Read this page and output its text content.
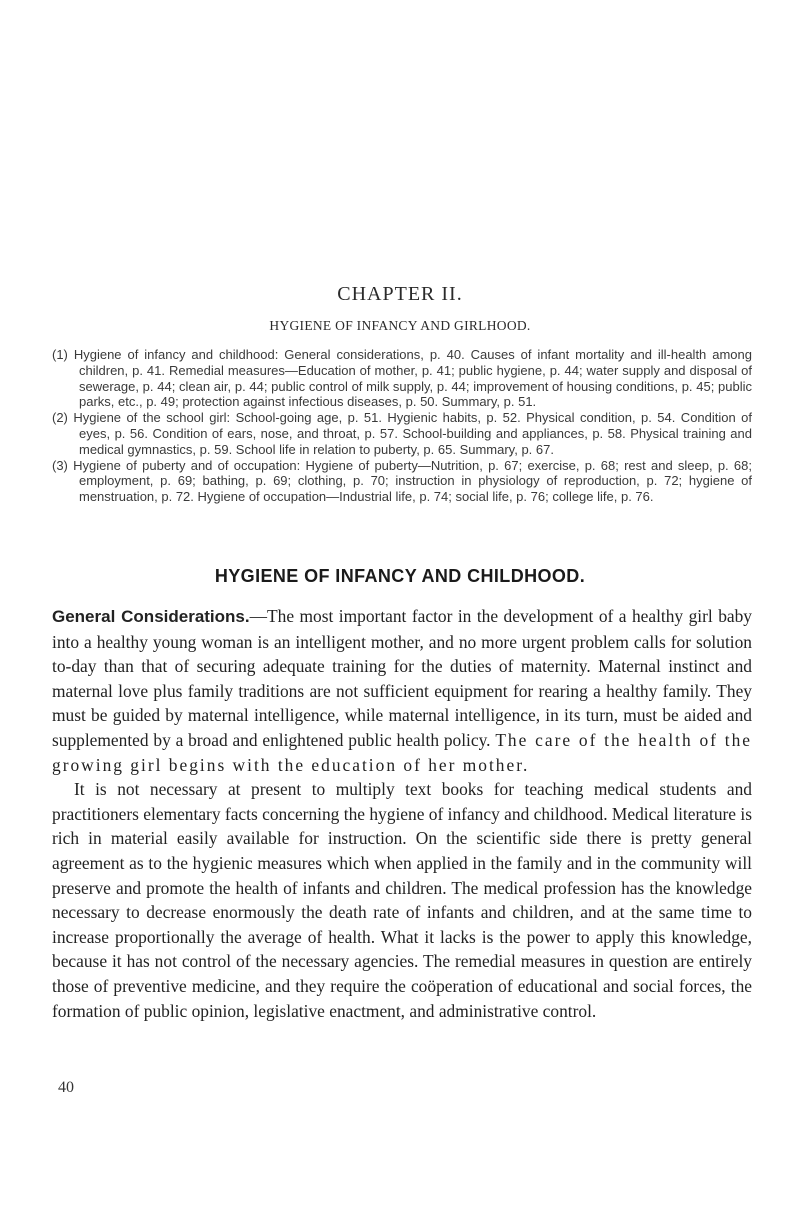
CHAPTER II.
HYGIENE OF INFANCY AND GIRLHOOD.

(1) Hygiene of infancy and childhood: General considerations, p. 40. Causes of infant mortality and ill-health among children, p. 41. Remedial measures—Education of mother, p. 41; public hygiene, p. 44; water supply and disposal of sewerage, p. 44; clean air, p. 44; public control of milk supply, p. 44; improvement of housing conditions, p. 45; public parks, etc., p. 49; protection against infectious diseases, p. 50. Summary, p. 51.

(2) Hygiene of the school girl: School-going age, p. 51. Hygienic habits, p. 52. Physical condition, p. 54. Condition of eyes, p. 56. Condition of ears, nose, and throat, p. 57. School-building and appliances, p. 58. Physical training and medical gymnastics, p. 59. School life in relation to puberty, p. 65. Summary, p. 67.

(3) Hygiene of puberty and of occupation: Hygiene of puberty—Nutrition, p. 67; exercise, p. 68; rest and sleep, p. 68; employment, p. 69; bathing, p. 69; clothing, p. 70; instruction in physiology of reproduction, p. 72; hygiene of menstruation, p. 72. Hygiene of occupation—Industrial life, p. 74; social life, p. 76; college life, p. 76.

HYGIENE OF INFANCY AND CHILDHOOD.

General Considerations.—The most important factor in the development of a healthy girl baby into a healthy young woman is an intelligent mother, and no more urgent problem calls for solution to-day than that of securing adequate training for the duties of maternity. Maternal instinct and maternal love plus family traditions are not sufficient equipment for rearing a healthy family. They must be guided by maternal intelligence, while maternal intelligence, in its turn, must be aided and supplemented by a broad and enlightened public health policy. The care of the health of the growing girl begins with the education of her mother.

It is not necessary at present to multiply text books for teaching medical students and practitioners elementary facts concerning the hygiene of infancy and childhood. Medical literature is rich in material easily available for instruction. On the scientific side there is pretty general agreement as to the hygienic measures which when applied in the family and in the community will preserve and promote the health of infants and children. The medical profession has the knowledge necessary to decrease enormously the death rate of infants and children, and at the same time to increase proportionally the average of health. What it lacks is the power to apply this knowledge, because it has not control of the necessary agencies. The remedial measures in question are entirely those of preventive medicine, and they require the coöperation of educational and social forces, the formation of public opinion, legislative enactment, and administrative control.

40
